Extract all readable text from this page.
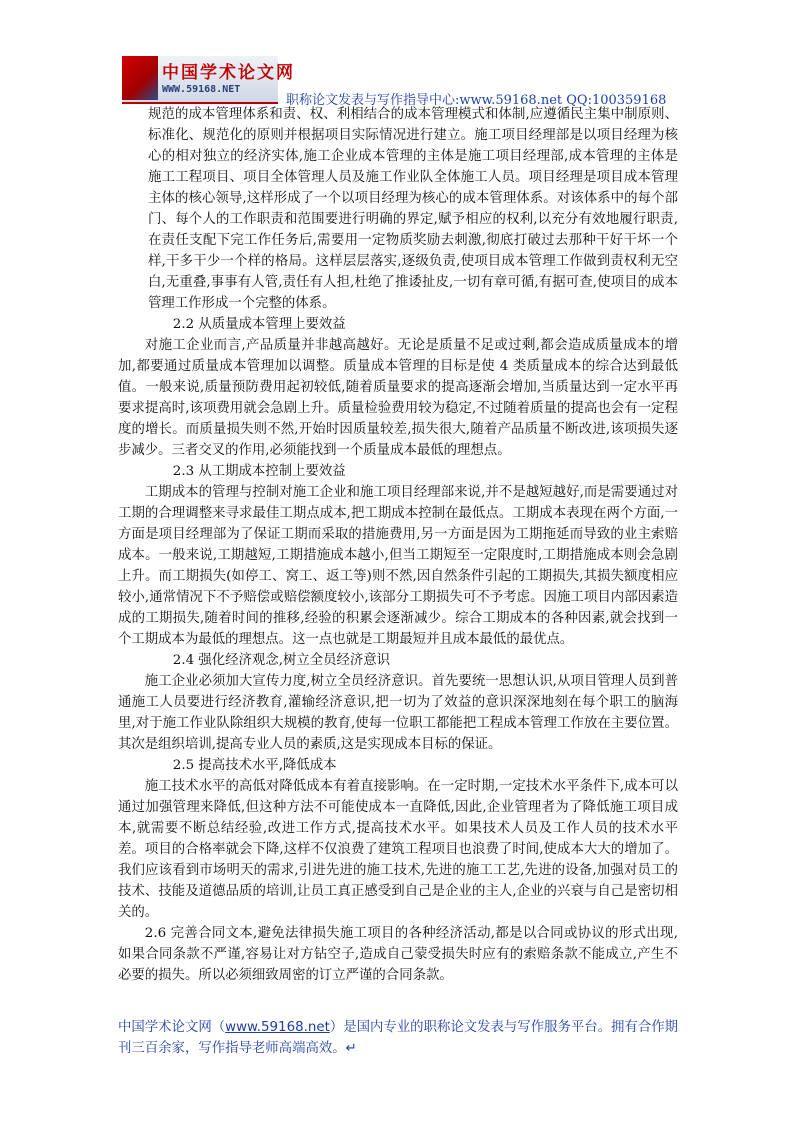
中国学术论文网
WWW.59168.NET
职称论文发表与写作指导中心:www.59168.net QQ:100359168

规范的成本管理体系和责、权、利相结合的成本管理模式和体制,应遵循民主集中制原则、标准化、规范化的原则并根据项目实际情况进行建立。施工项目经理部是以项目经理为核心的相对独立的经济实体,施工企业成本管理的主体是施工项目经理部,成本管理的主体是施工工程项目、项目全体管理人员及施工作业队全体施工人员。项目经理是项目成本管理主体的核心领导,这样形成了一个以项目经理为核心的成本管理体系。对该体系中的每个部门、每个人的工作职责和范围要进行明确的界定,赋予相应的权利,以充分有效地履行职责,在责任支配下完工作任务后,需要用一定物质奖励去刺激,彻底打破过去那种干好干坏一个样,干多干少一个样的格局。这样层层落实,逐级负责,使项目成本管理工作做到责权利无空白,无重叠,事事有人管,责任有人担,杜绝了推诿扯皮,一切有章可循,有据可查,使项目的成本管理工作形成一个完整的体系。

2.2 从质量成本管理上要效益

对施工企业而言,产品质量并非越高越好。无论是质量不足或过剩,都会造成质量成本的增加,都要通过质量成本管理加以调整。质量成本管理的目标是使 4 类质量成本的综合达到最低值。一般来说,质量预防费用起初较低,随着质量要求的提高逐渐会增加,当质量达到一定水平再要求提高时,该项费用就会急剧上升。质量检验费用较为稳定,不过随着质量的提高也会有一定程度的增长。而质量损失则不然,开始时因质量较差,损失很大,随着产品质量不断改进,该项损失逐步减少。三者交叉的作用,必须能找到一个质量成本最低的理想点。

2.3 从工期成本控制上要效益

工期成本的管理与控制对施工企业和施工项目经理部来说,并不是越短越好,而是需要通过对工期的合理调整来寻求最佳工期点成本,把工期成本控制在最低点。工期成本表现在两个方面,一方面是项目经理部为了保证工期而采取的措施费用,另一方面是因为工期拖延而导致的业主索赔成本。一般来说,工期越短,工期措施成本越小,但当工期短至一定限度时,工期措施成本则会急剧上升。而工期损失(如停工、窝工、返工等)则不然,因自然条件引起的工期损失,其损失额度相应较小,通常情况下不予赔偿或赔偿额度较小,该部分工期损失可不予考虑。因施工项目内部因素造成的工期损失,随着时间的推移,经验的积累会逐渐减少。综合工期成本的各种因素,就会找到一个工期成本为最低的理想点。这一点也就是工期最短并且成本最低的最优点。

2.4 强化经济观念,树立全员经济意识

施工企业必须加大宣传力度,树立全员经济意识。首先要统一思想认识,从项目管理人员到普通施工人员要进行经济教育,灌输经济意识,把一切为了效益的意识深深地刻在每个职工的脑海里,对于施工作业队除组织大规模的教育,使每一位职工都能把工程成本管理工作放在主要位置。其次是组织培训,提高专业人员的素质,这是实现成本目标的保证。

2.5 提高技术水平,降低成本

施工技术水平的高低对降低成本有着直接影响。在一定时期,一定技术水平条件下,成本可以通过加强管理来降低,但这种方法不可能使成本一直降低,因此,企业管理者为了降低施工项目成本,就需要不断总结经验,改进工作方式,提高技术水平。如果技术人员及工作人员的技术水平差。项目的合格率就会下降,这样不仅浪费了建筑工程项目也浪费了时间,使成本大大的增加了。我们应该看到市场明天的需求,引进先进的施工技术,先进的施工工艺,先进的设备,加强对员工的技术、技能及道德品质的培训,让员工真正感受到自己是企业的主人,企业的兴衰与自己是密切相关的。

2.6 完善合同文本,避免法律损失施工项目的各种经济活动,都是以合同或协议的形式出现,如果合同条款不严谨,容易让对方钻空子,造成自己蒙受损失时应有的索赔条款不能成立,产生不必要的损失。所以必须细致周密的订立严谨的合同条款。

中国学术论文网（www.59168.net）是国内专业的职称论文发表与写作服务平台。拥有合作期刊三百余家，写作指导老师高端高效。↵
